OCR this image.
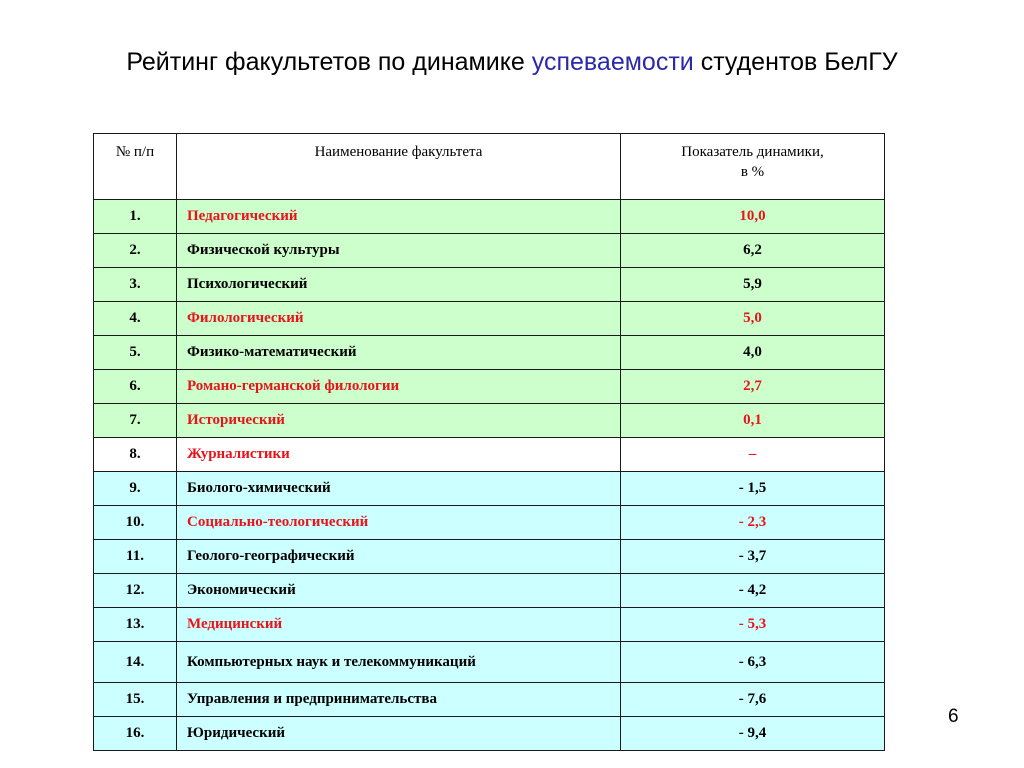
Рейтинг факультетов по динамике успеваемости студентов БелГУ
№ п/п	Наименование факультета	Показатель динамики,
в %
1.	Педагогический	10,0
2.	Физической культуры	6,2
3.	Психологический	5,9
4.	Филологический	5,0
5.	Физико-математический	4,0
6.	Романо-германской филологии	2,7
7.	Исторический	0,1
8.	Журналистики	–
9.	Биолого-химический	- 1,5
10.	Социально-теологический	- 2,3
11.	Геолого-географический	- 3,7
12.	Экономический	- 4,2
13.	Медицинский	- 5,3
14.	Компьютерных наук и телекоммуникаций	- 6,3
15.	Управления и предпринимательства	- 7,6
16.	Юридический	- 9,4
6
